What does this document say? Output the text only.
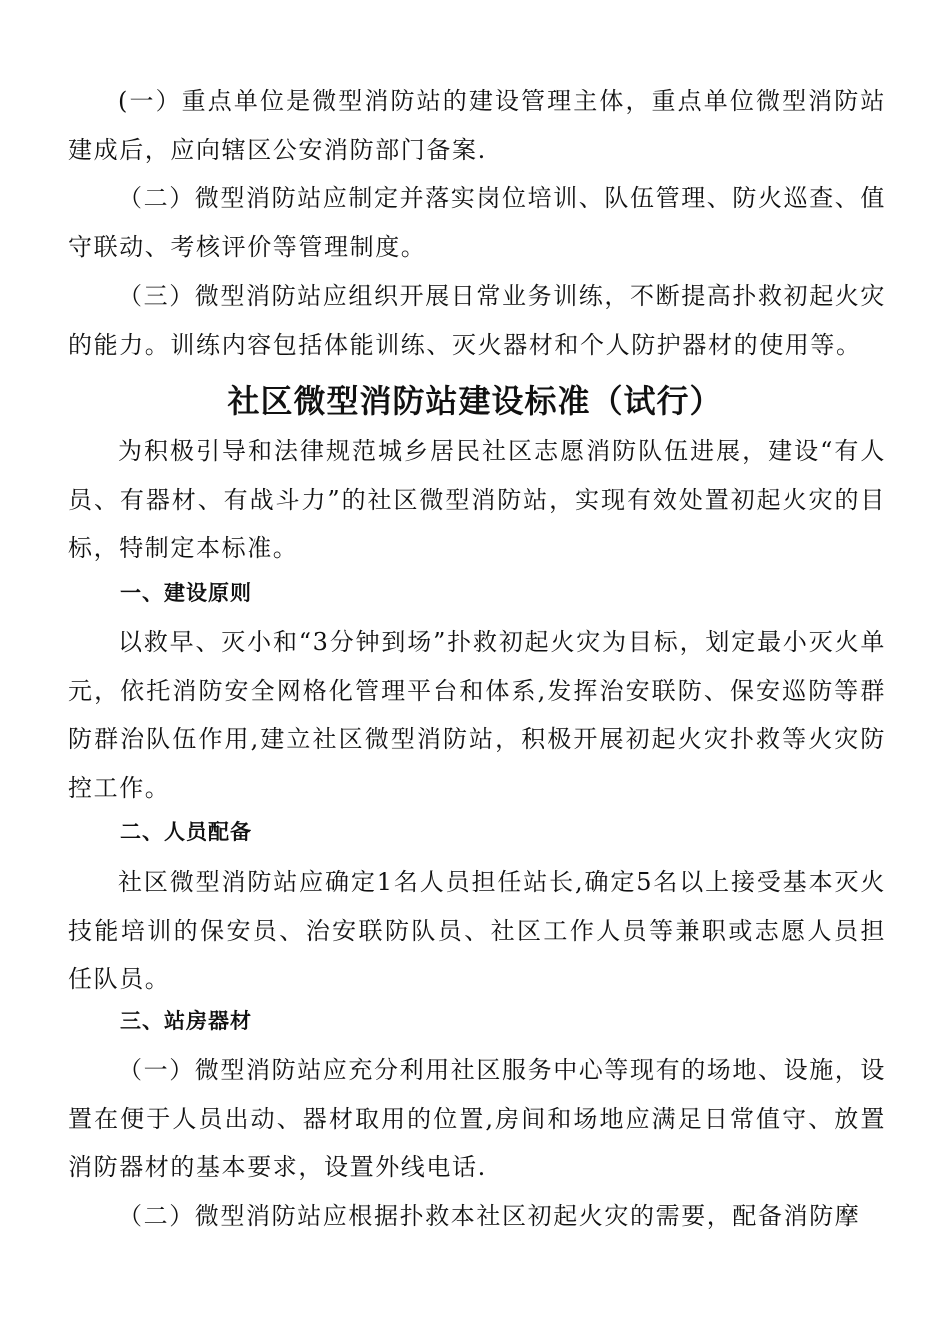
(一）重点单位是微型消防站的建设管理主体，重点单位微型消防站建成后，应向辖区公安消防部门备案.

（二）微型消防站应制定并落实岗位培训、队伍管理、防火巡查、值守联动、考核评价等管理制度。

（三）微型消防站应组织开展日常业务训练，不断提高扑救初起火灾的能力。训练内容包括体能训练、灭火器材和个人防护器材的使用等。

社区微型消防站建设标准（试行）

为积极引导和法律规范城乡居民社区志愿消防队伍进展，建设“有人员、有器材、有战斗力”的社区微型消防站，实现有效处置初起火灾的目标，特制定本标准。

一、建设原则

以救早、灭小和“3分钟到场”扑救初起火灾为目标，划定最小灭火单元，依托消防安全网格化管理平台和体系,发挥治安联防、保安巡防等群防群治队伍作用,建立社区微型消防站，积极开展初起火灾扑救等火灾防控工作。

二、人员配备

社区微型消防站应确定1名人员担任站长,确定5名以上接受基本灭火技能培训的保安员、治安联防队员、社区工作人员等兼职或志愿人员担任队员。

三、站房器材

（一）微型消防站应充分利用社区服务中心等现有的场地、设施，设置在便于人员出动、器材取用的位置,房间和场地应满足日常值守、放置消防器材的基本要求，设置外线电话.

（二）微型消防站应根据扑救本社区初起火灾的需要，配备消防摩
